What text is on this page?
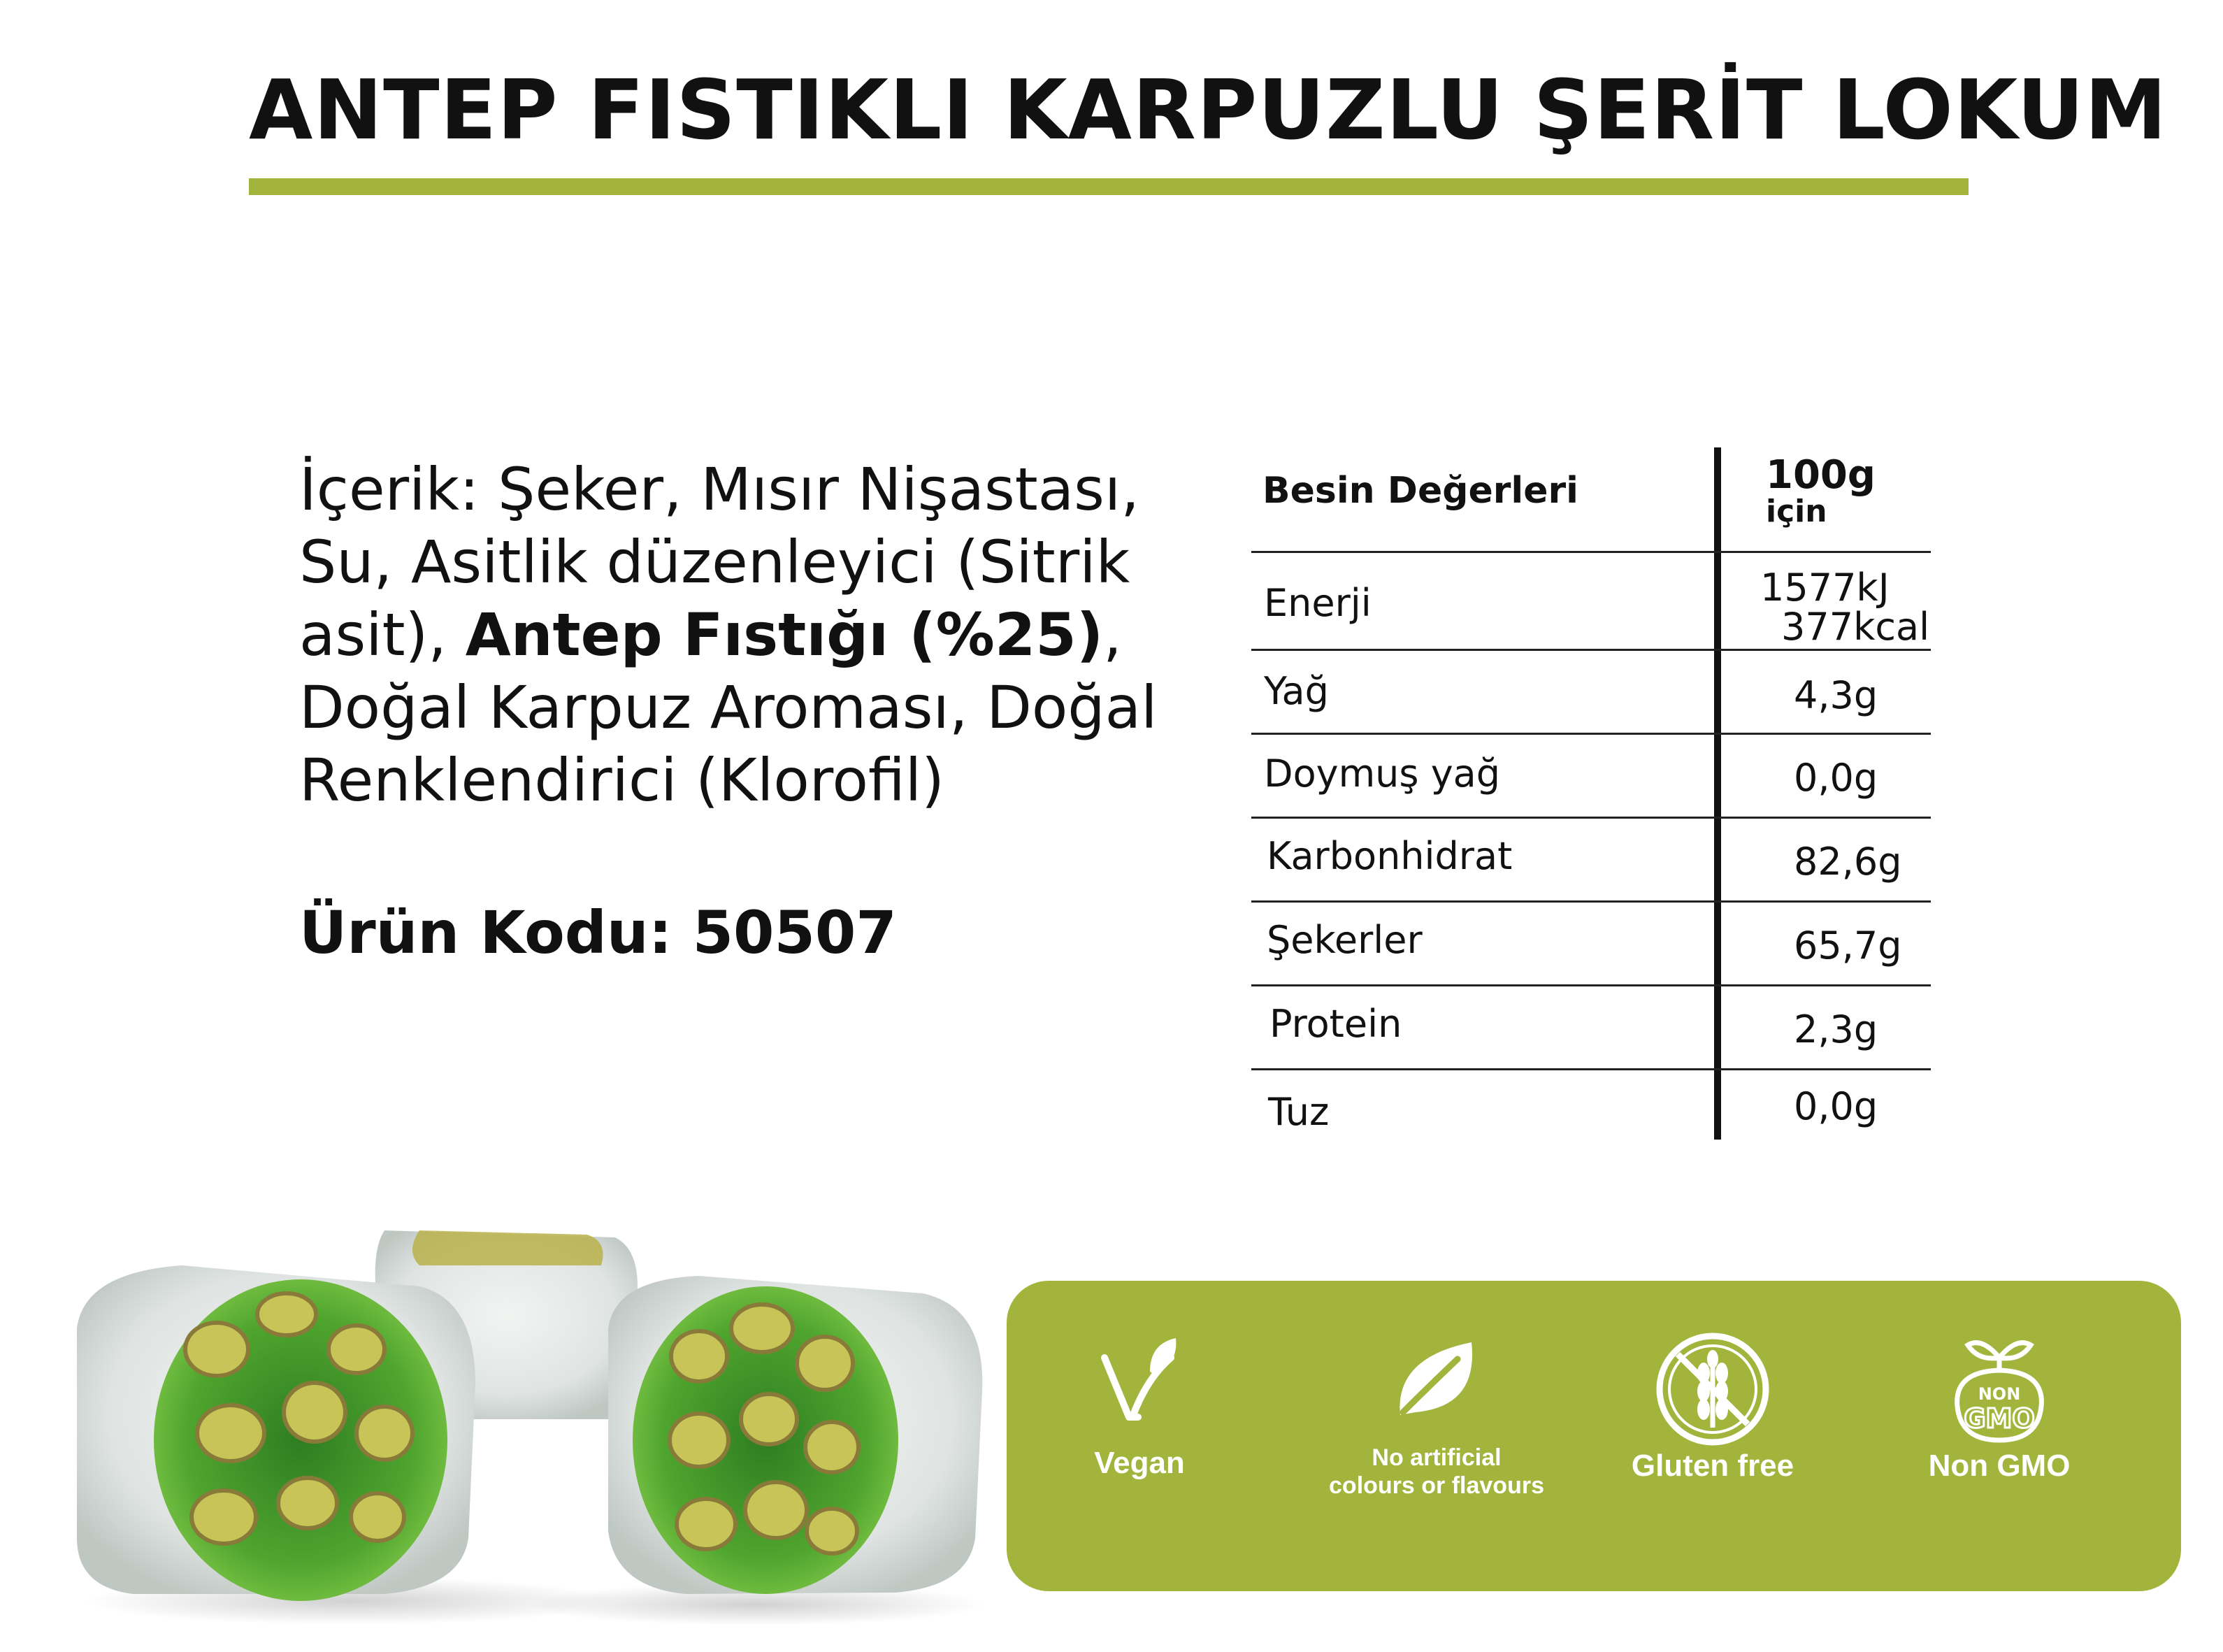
ANTEP FISTIKLI KARPUZLU ŞERİT LOKUM
İçerik: Şeker, Mısır Nişastası, Su, Asitlik düzenleyici (Sitrik asit), Antep Fıstığı (%25), Doğal Karpuz Aroması, Doğal Renklendirici (Klorofil)
Ürün Kodu: 50507
Besin Değerleri	100g
için
Enerji	1577kJ
377kcal
Yağ	4,3g
Doymuş yağ	0,0g
Karbonhidrat	82,6g
Şekerler	65,7g
Protein	2,3g
Tuz	0,0g
Vegan	No artificial
colours or flavours
Gluten free
NON
GMO
Non GMO
